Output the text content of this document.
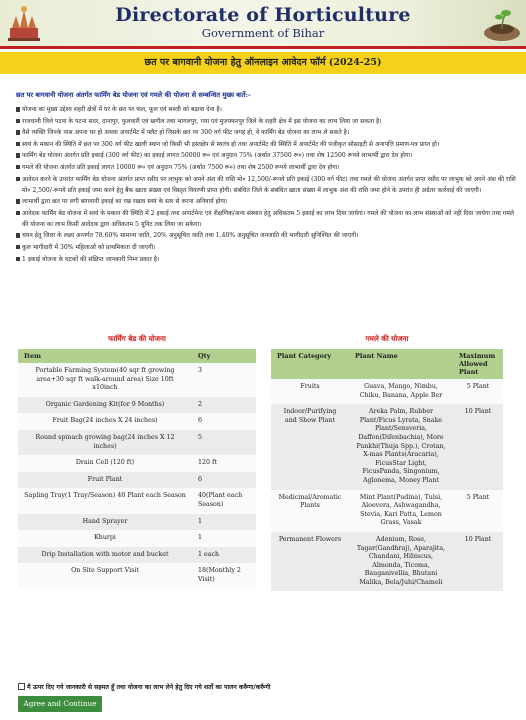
Directorate of Horticulture
Government of Bihar
छत पर बागवानी योजना हेतु ऑनलाइन आवेदन फॉर्म (2024-25)
छत पर बागवानी योजना अंतर्गत फार्मिंग बेड योजना एवं गमले की योजना से सम्बन्धित मुख्य बातें:-
योजना का मुख्य उद्देश्य शहरी क्षेत्रों में घर के छत पर फल, फूल एवं सब्जी को बढ़ावा देना है।
राजधानी जिले पटना के पटना सदर, दानापुर, फुलवारी एवं खगौल तथा भागलपुर, गया एवं मुजफ्फरपुर जिले के शहरी क्षेत्र में इस योजना का लाभ लिया जा सकता है।
वैसे व्यक्ति जिनके पास अपना घर हो अथवा अपार्टमेंट में फ्लैट हो जिसके छत पर 300 वर्ग फीट जगह हो, वे फार्मिंग बेड योजना का लाभ ले सकते है।
स्वयं के मकान की स्थिति में छत पर 300 वर्ग फीट खाली स्थान जो किसी भी हस्तक्षेप से स्वतंत्र हो तथा अपार्टमेंट की स्थिति में अपार्टमेंट की पंजीकृत सोसाइटी से अनापत्ति प्रमाण-पत्र प्राप्त हो।
फार्मिंग बेड योजना अंतर्गत प्रति इकाई (300 वर्ग फीट) का इकाई लागत 50000 रू० एवं अनुदान 75% (अर्थात 37500 रू०) तथा शेष 12500 रूपये लाभार्थी द्वारा देय होगा।
गमले की योजना अंतर्गत प्रति इकाई लागत 10000 रू० एवं अनुदान 75% (अर्थात 7500 रू०) तथा शेष 2500 रूपये लाभार्थी द्वारा देय होगा।
आवेदन करने के उपरांत फार्मिंग बेड योजना अंतर्गत प्राप्त रसीद पर लाभुक को अपने अंश की राशि मो० 12,500/-रूपये प्रति इकाई (300 वर्ग फीट) तथा गमले की योजना अंतर्गत प्राप्त रसीद पर लाभुक को अपने अंश की राशि मो० 2,500/-रूपये प्रति इकाई जमा करने हेतु बैंक खाता संख्या एवं विस्तृत विवरणी प्राप्त होगी। संबंधित जिले के संबंधित खाता संख्या में लाभुक अंश की राशि जमा होने के उपरांत ही अग्रेतर कार्रवाई की जाएगी।
लाभार्थी द्वारा छत पर लगी बागवानी इकाई का रख रखाव स्वयं के स्तर से करना अनिवार्य होगा।
आवेदक फार्मिंग बेड योजना में स्वयं के मकान की स्थिति में 2 इकाई तथा अपार्टमेन्ट एवं शैक्षणिक/अन्य संस्थान हेतु अधिकतम 5 इकाई का लाभ दिया जायेगा। गमले की योजना का लाभ संस्थाओं को नहीं दिया जायेगा तथा गमले की योजना का लाभ किसी आवेदक द्वारा अधिकतम 5 यूनिट तक लिया जा सकेगा।
चयन हेतु जिला के लक्ष्य अन्तर्गत 78.60% सामान्य जाति, 20% अनुसूचित जाति तथा 1.40% अनुसूचित जनजाति की भागीदारी सुनिश्चित की जाएगी।
कुल भागीदारी में 30% महिलाओं को प्राथमिकता दी जाएगी।
1 इकाई योजना के घटकों की संक्षिप्त जानकारी निम्न प्रकार है।
फार्मिंग बेड की योजना	गमले की योजना
Item	Qty
Portable Farming System(40 sqr ft growing area+30 sqr ft walk-around area) Size 10ft x10inch	3
Organic Gardening Kit(for 9 Months)	2
Fruit Bag(24 inches X 24 inches)	6
Round spinach growing bag(24 inches X 12 inches)	5
Drain Cell (120 ft)	120 ft
Fruit Plant	6
Sapling Tray(1 Tray/Season) 40 Plant each Season	40(Plant each Season)
Hand Sprayer	1
Khurpi	1
Drip Installation with motor and bucket	1 each
On Site Support Visit	18(Monthly 2 Visit)
Plant Category	Plant Name	Maximum Allowed Plant
Fruits	Guava, Mango, Nimbu, Chiku, Banana, Apple Ber	5 Plant
Indoor/Purifying and Show Plant	Areka Palm, Rubber Plant/Ficus Lyrata, Snake Plant/Sensveria, Daffon(Difenbachia), More Pankhi(Thuja Spp.), Crotan, X-mas Plants(Aracaria), FicusStar Light, FicusPanda, Singonium, Aglonema, Money Plant	10 Plant
Medicinal/Aromatic Plants	Mint Plant(Pudina), Tulsi, Aloevera, Ashwagandha, Stevia, Kari Patta, Lemon Grass, Vasak	5 Plant
Permanent Flowers	Adenium, Rose, Tagar(Gandhraj), Aparajita, Chandani, Hibiscus, Almonda, Ticoma, Bauganivellia, Bhutani Malika, Bela/Juhi/Chameli	10 Plant
मै ऊपर दिए गये जानकारी से सहमत हूँ तथा योजना का लाभ लेने हेतु दिए गये शर्तो का पालन करूँगा/करूँगी
Agree and Continue
